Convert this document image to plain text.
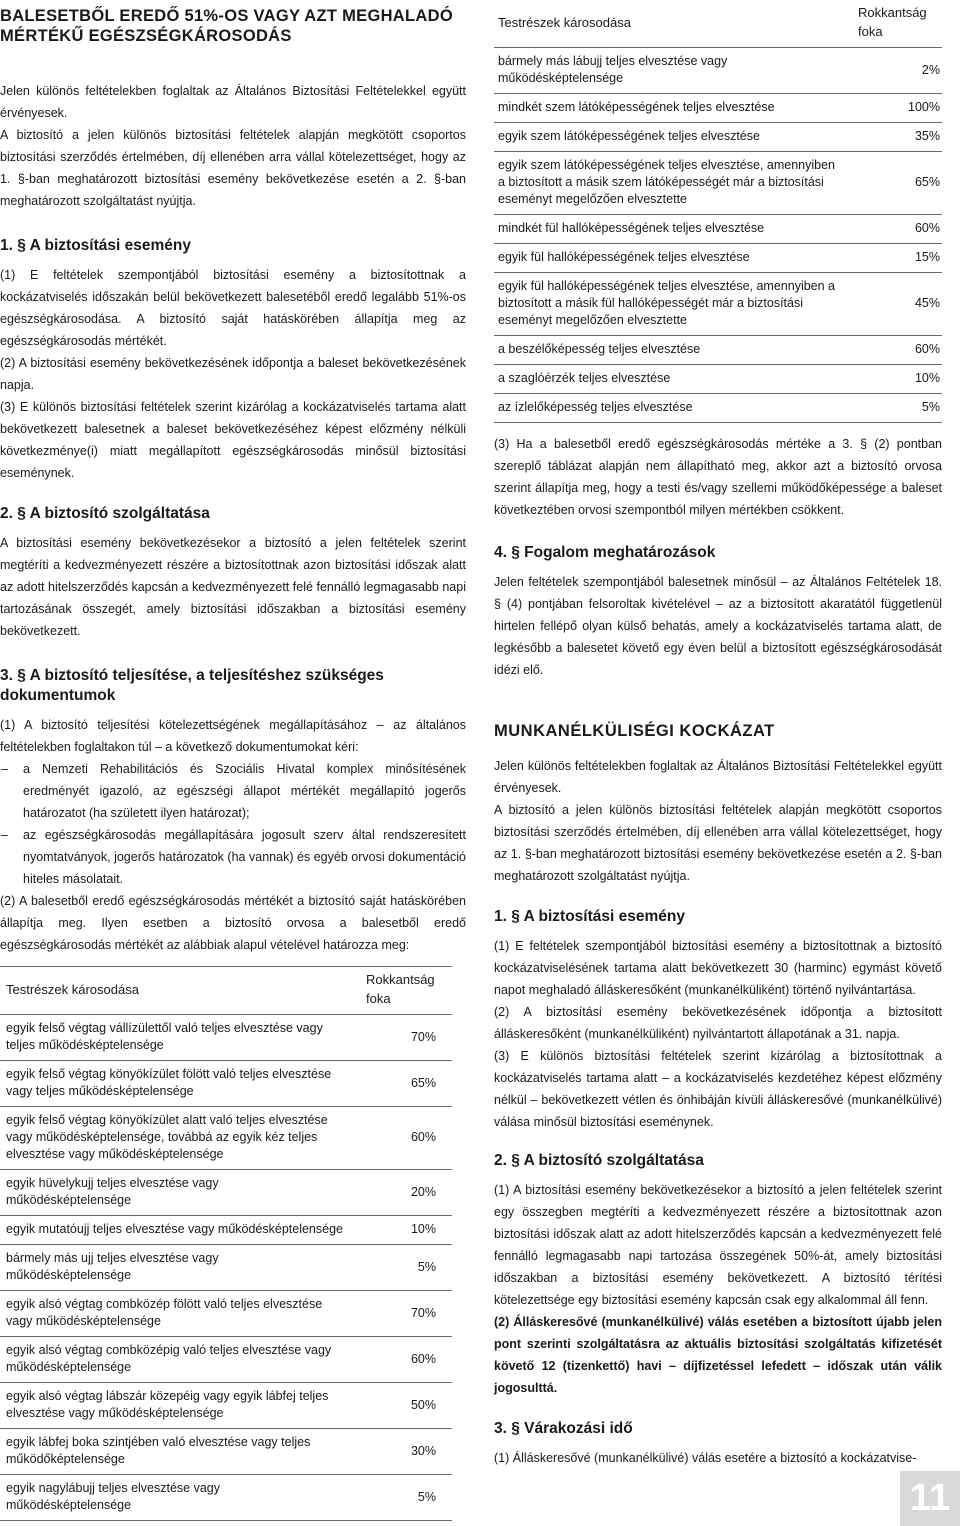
BALESETBŐL EREDŐ 51%-OS VAGY AZT MEGHALADÓ MÉRTÉKŰ EGÉSZSÉGKÁROSODÁS

Jelen különös feltételekben foglaltak az Általános Biztosítási Feltételekkel együtt érvényesek.

A biztosító a jelen különös biztosítási feltételek alapján megkötött csoportos biztosítási szerződés értelmében, díj ellenében arra vállal kötelezettséget, hogy az 1. §-ban meghatározott biztosítási esemény bekövetkezése esetén a 2. §-ban meghatározott szolgáltatást nyújtja.

1. § A biztosítási esemény

(1) E feltételek szempontjából biztosítási esemény a biztosítottnak a kockázatviselés időszakán belül bekövetkezett balesetéből eredő legalább 51%-os egészségkárosodása. A biztosító saját hatáskörében állapítja meg az egészségkárosodás mértékét.

(2) A biztosítási esemény bekövetkezésének időpontja a baleset bekövetkezésének napja.

(3) E különös biztosítási feltételek szerint kizárólag a kockázatviselés tartama alatt bekövetkezett balesetnek a baleset bekövetkezéséhez képest előzmény nélküli következménye(i) miatt megállapított egészségkárosodás minősül biztosítási eseménynek.

2. § A biztosító szolgáltatása

A biztosítási esemény bekövetkezésekor a biztosító a jelen feltételek szerint megtéríti a kedvezményezett részére a biztosítottnak azon biztosítási időszak alatt az adott hitelszerződés kapcsán a kedvezményezett felé fennálló legmagasabb napi tartozásának összegét, amely biztosítási időszakban a biztosítási esemény bekövetkezett.

3. § A biztosító teljesítése, a teljesítéshez szükséges dokumentumok

(1) A biztosító teljesítési kötelezettségének megállapításához – az általános feltételekben foglaltakon túl – a következő dokumentumokat kéri:

– a Nemzeti Rehabilitációs és Szociális Hivatal komplex minősítésének eredményét igazoló, az egészségi állapot mértékét megállapító jogerős határozatot (ha született ilyen határozat);
– az egészségkárosodás megállapítására jogosult szerv által rendszeresített nyomtatványok, jogerős határozatok (ha vannak) és egyéb orvosi dokumentáció hiteles másolatait.

(2) A balesetből eredő egészségkárosodás mértékét a biztosító saját hatáskörében állapítja meg. Ilyen esetben a biztosító orvosa a balesetből eredő egészségkárosodás mértékét az alábbiak alapul vételével határozza meg:

Testrészek károsodása	Rokkantság foka
egyik felső végtag vállízülettől való teljes elvesztése vagy teljes működésképtelensége	70%
egyik felső végtag könyökízület fölött való teljes elvesztése vagy teljes működésképtelensége	65%
egyik felső végtag könyökízület alatt való teljes elvesztése vagy működésképtelensége, továbbá az egyik kéz teljes elvesztése vagy működésképtelensége	60%
egyik hüvelykujj teljes elvesztése vagy működésképtelensége	20%
egyik mutatóujj teljes elvesztése vagy működésképtelensége	10%
bármely más ujj teljes elvesztése vagy működésképtelensége	5%
egyik alsó végtag combközép fölött való teljes elvesztése vagy működésképtelensége	70%
egyik alsó végtag combközépig való teljes elvesztése vagy működésképtelensége	60%
egyik alsó végtag lábszár közepéig vagy egyik lábfej teljes elvesztése vagy működésképtelensége	50%
egyik lábfej boka szintjében való elvesztése vagy teljes működőképtelensége	30%
egyik nagylábujj teljes elvesztése vagy működésképtelensége	5%
Testrészek károsodása	Rokkantság foka
bármely más lábujj teljes elvesztése vagy működésképtelensége	2%
mindkét szem látóképességének teljes elvesztése	100%
egyik szem látóképességének teljes elvesztése	35%
egyik szem látóképességének teljes elvesztése, amennyiben a biztosított a másik szem látóképességét már a biztosítási eseményt megelőzően elvesztette	65%
mindkét fül hallóképességének teljes elvesztése	60%
egyik fül hallóképességének teljes elvesztése	15%
egyik fül hallóképességének teljes elvesztése, amennyiben a biztosított a másik fül hallóképességét már a biztosítási eseményt megelőzően elvesztette	45%
a beszélőképesség teljes elvesztése	60%
a szaglóérzék teljes elvesztése	10%
az ízlelőképesség teljes elvesztése	5%

(3) Ha a balesetből eredő egészségkárosodás mértéke a 3. § (2) pontban szereplő táblázat alapján nem állapítható meg, akkor azt a biztosító orvosa szerint állapítja meg, hogy a testi és/vagy szellemi működőképessége a baleset következtében orvosi szempontból milyen mértékben csökkent.

4. § Fogalom meghatározások

Jelen feltételek szempontjából balesetnek minősül – az Általános Feltételek 18. § (4) pontjában felsoroltak kivételével – az a biztosított akaratától függetlenül hirtelen fellépő olyan külső behatás, amely a kockázatviselés tartama alatt, de legkésőbb a balesetet követő egy éven belül a biztosított egészségkárosodását idézi elő.

MUNKANÉLKÜLISÉGI KOCKÁZAT

Jelen különös feltételekben foglaltak az Általános Biztosítási Feltételekkel együtt érvényesek.

A biztosító a jelen különös biztosítási feltételek alapján megkötött csoportos biztosítási szerződés értelmében, díj ellenében arra vállal kötelezettséget, hogy az 1. §-ban meghatározott biztosítási esemény bekövetkezése esetén a 2. §-ban meghatározott szolgáltatást nyújtja.

1. § A biztosítási esemény

(1) E feltételek szempontjából biztosítási esemény a biztosítottnak a biztosító kockázatviselésének tartama alatt bekövetkezett 30 (harminc) egymást követő napot meghaladó álláskeresőként (munkanélküliként) történő nyilvántartása.

(2) A biztosítási esemény bekövetkezésének időpontja a biztosított álláskeresőként (munkanélküliként) nyilvántartott állapotának a 31. napja.

(3) E különös biztosítási feltételek szerint kizárólag a biztosítottnak a kockázatviselés tartama alatt – a kockázatviselés kezdetéhez képest előzmény nélkül – bekövetkezett vétlen és önhibáján kívüli álláskeresővé (munkanélkülivé) válása minősül biztosítási eseménynek.

2. § A biztosító szolgáltatása

(1) A biztosítási esemény bekövetkezésekor a biztosító a jelen feltételek szerint egy összegben megtéríti a kedvezményezett részére a biztosítottnak azon biztosítási időszak alatt az adott hitelszerződés kapcsán a kedvezményezett felé fennálló legmagasabb napi tartozása összegének 50%-át, amely biztosítási időszakban a biztosítási esemény bekövetkezett. A biztosító térítési kötelezettsége egy biztosítási esemény kapcsán csak egy alkalommal áll fenn.

(2) Álláskeresővé (munkanélkülivé) válás esetében a biztosított újabb jelen pont szerinti szolgáltatásra az aktuális biztosítási szolgáltatás kifizetését követő 12 (tizenkettő) havi – díjfizetéssel lefedett – időszak után válik jogosulttá.

3. § Várakozási idő

(1) Álláskeresővé (munkanélkülivé) válás esetére a biztosító a kockázatvise-

11
